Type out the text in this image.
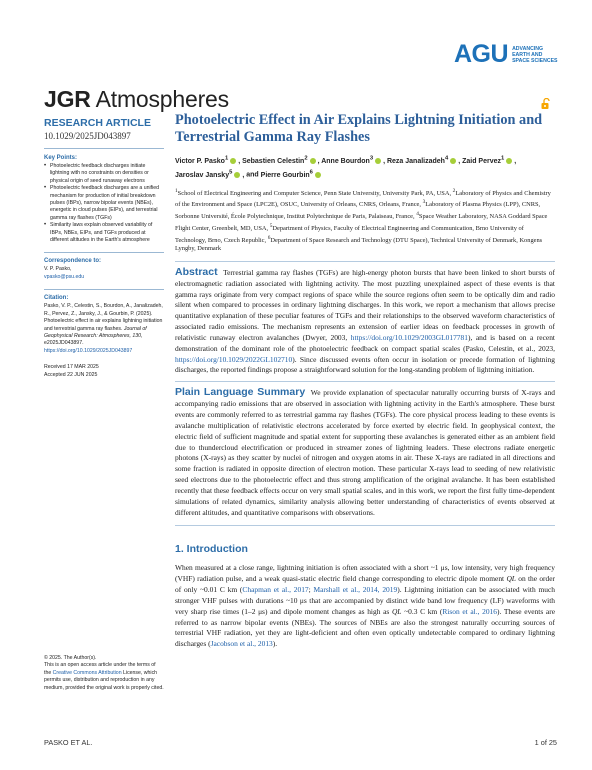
AGU ADVANCING
EARTH AND
SPACE SCIENCES
JGR Atmospheres
RESEARCH ARTICLE
10.1029/2025JD043897
Key Points:
• Photoelectric feedback discharges initiate lightning with no constraints on densities or physical origin of seed runaway electrons
• Photoelectric feedback discharges are a unified mechanism for production of initial breakdown pulses (IBPs), narrow bipolar events (NBEs), energetic in cloud pulses (EIPs), and terrestrial gamma ray flashes (TGFs)
• Similarity laws explain observed variability of IBPs, NBEs, EIPs, and TGFs produced at different altitudes in the Earth's atmosphere
Correspondence to:
V. P. Pasko,
vpasko@psu.edu
Citation:
Pasko, V. P., Celestin, S., Bourdon, A., Janalizadeh, R., Pervez, Z., Jansky, J., & Gourbin, P. (2025). Photoelectric effect in air explains lightning initiation and terrestrial gamma ray flashes. Journal of Geophysical Research: Atmospheres, 130, e2025JD043897. https://doi.org/10.1029/2025JD043897
Received 17 MAR 2025
Accepted 22 JUN 2025
© 2025. The Author(s).
This is an open access article under the terms of the Creative Commons Attribution License, which permits use, distribution and reproduction in any medium, provided the original work is properly cited.
Photoelectric Effect in Air Explains Lightning Initiation and Terrestrial Gamma Ray Flashes
Victor P. Pasko$^1$ , Sebastien Celestin$^2$ , Anne Bourdon$^3$ , Reza Janalizadeh$^4$ , Zaid Pervez$^1$ ,
Jaroslav Jansky$^5$ , and Pierre Gourbin$^6$
$^1$School of Electrical Engineering and Computer Science, Penn State University, University Park, PA, USA, $^2$Laboratory of Physics and Chemistry of the Environment and Space (LPC2E), OSUC, University of Orleans, CNRS, Orleans, France, $^3$Laboratory of Plasma Physics (LPP), CNRS, Sorbonne Université, École Polytechnique, Institut Polytechnique de Paris, Palaiseau, France, $^4$Space Weather Laboratory, NASA Goddard Space Flight Center, Greenbelt, MD, USA, $^5$Department of Physics, Faculty of Electrical Engineering and Communication, Brno University of Technology, Brno, Czech Republic, $^6$Department of Space Research and Technology (DTU Space), Technical University of Denmark, Kongens Lyngby, Denmark

Abstract Terrestrial gamma ray flashes (TGFs) are high-energy photon bursts that have been linked to short bursts of electromagnetic radiation associated with lightning activity. The most puzzling unexplained aspect of these events is that gamma rays originate from very compact regions of space while the source regions often seem to be optically dim and radio silent when compared to processes in ordinary lightning discharges. In this work, we report a mechanism that allows precise quantitative explanation of these peculiar features of TGFs and their relationships to the observed waveform characteristics of associated radio emissions. The mechanism represents an extension of earlier ideas on feedback processes in growth of relativistic runaway electron avalanches (Dwyer, 2003, https://doi.org/10.1029/2003GL017781), and is based on a recent demonstration of the dominant role of the photoelectric feedback on compact spatial scales (Pasko, Celestin, et al., 2023, https://doi.org/10.1029/2022GL102710). Since discussed events often occur in isolation or precede formation of lightning discharges, the reported findings propose a straightforward solution for the long-standing problem of lightning initiation.

Plain Language Summary We provide explanation of spectacular naturally occurring bursts of X-rays and accompanying radio emissions that are observed in association with lightning activity in the Earth's atmosphere. These burst events are commonly referred to as terrestrial gamma ray flashes (TGFs). The core physical process leading to these events is avalanche multiplication of relativistic electrons accelerated by force exerted by electric field. In geophysical context, the electric field of sufficient magnitude and spatial extent for supporting these avalanches is generated either as an ambient field due to thundercloud electrification or produced in streamer zones of lightning leaders. These electrons radiate energetic photons (X-rays) as they scatter by nuclei of nitrogen and oxygen atoms in air. These X-rays are radiated in all directions and some fraction is radiated in opposite direction of electron motion. These particular X-rays lead to seeding of new relativistic seed electrons due to the photoelectric effect and thus strong amplification of the original avalanche. It has been established recently that these feedback effects occur on very small spatial scales, and in this work, we report the first fully time-dependent simulations of related dynamics, similarity analysis allowing better understanding of characteristics of events observed at different altitudes, and quantitative comparisons with observations.

1. Introduction

When measured at a close range, lightning initiation is often associated with a short ~1 μs, low intensity, very high frequency (VHF) radiation pulse, and a weak quasi-static electric field change corresponding to electric dipole moment QL on the order of only ~0.01 C km (Chapman et al., 2017; Marshall et al., 2014, 2019). Lightning initiation can be associated with much stronger VHF pulses with durations ~10 μs that are accompanied by distinct wide band low frequency (LF) waveforms with very sharp rise times (1–2 μs) and dipole moment changes as high as QL ~0.3 C km (Rison et al., 2016). These events are referred to as narrow bipolar events (NBEs). The sources of NBEs are also the strongest naturally occurring sources of terrestrial VHF radiation, yet they are light-deficient and often even optically undetectable compared to ordinary lightning discharges (Jacobson et al., 2013).

PASKO ET AL.	1 of 25
